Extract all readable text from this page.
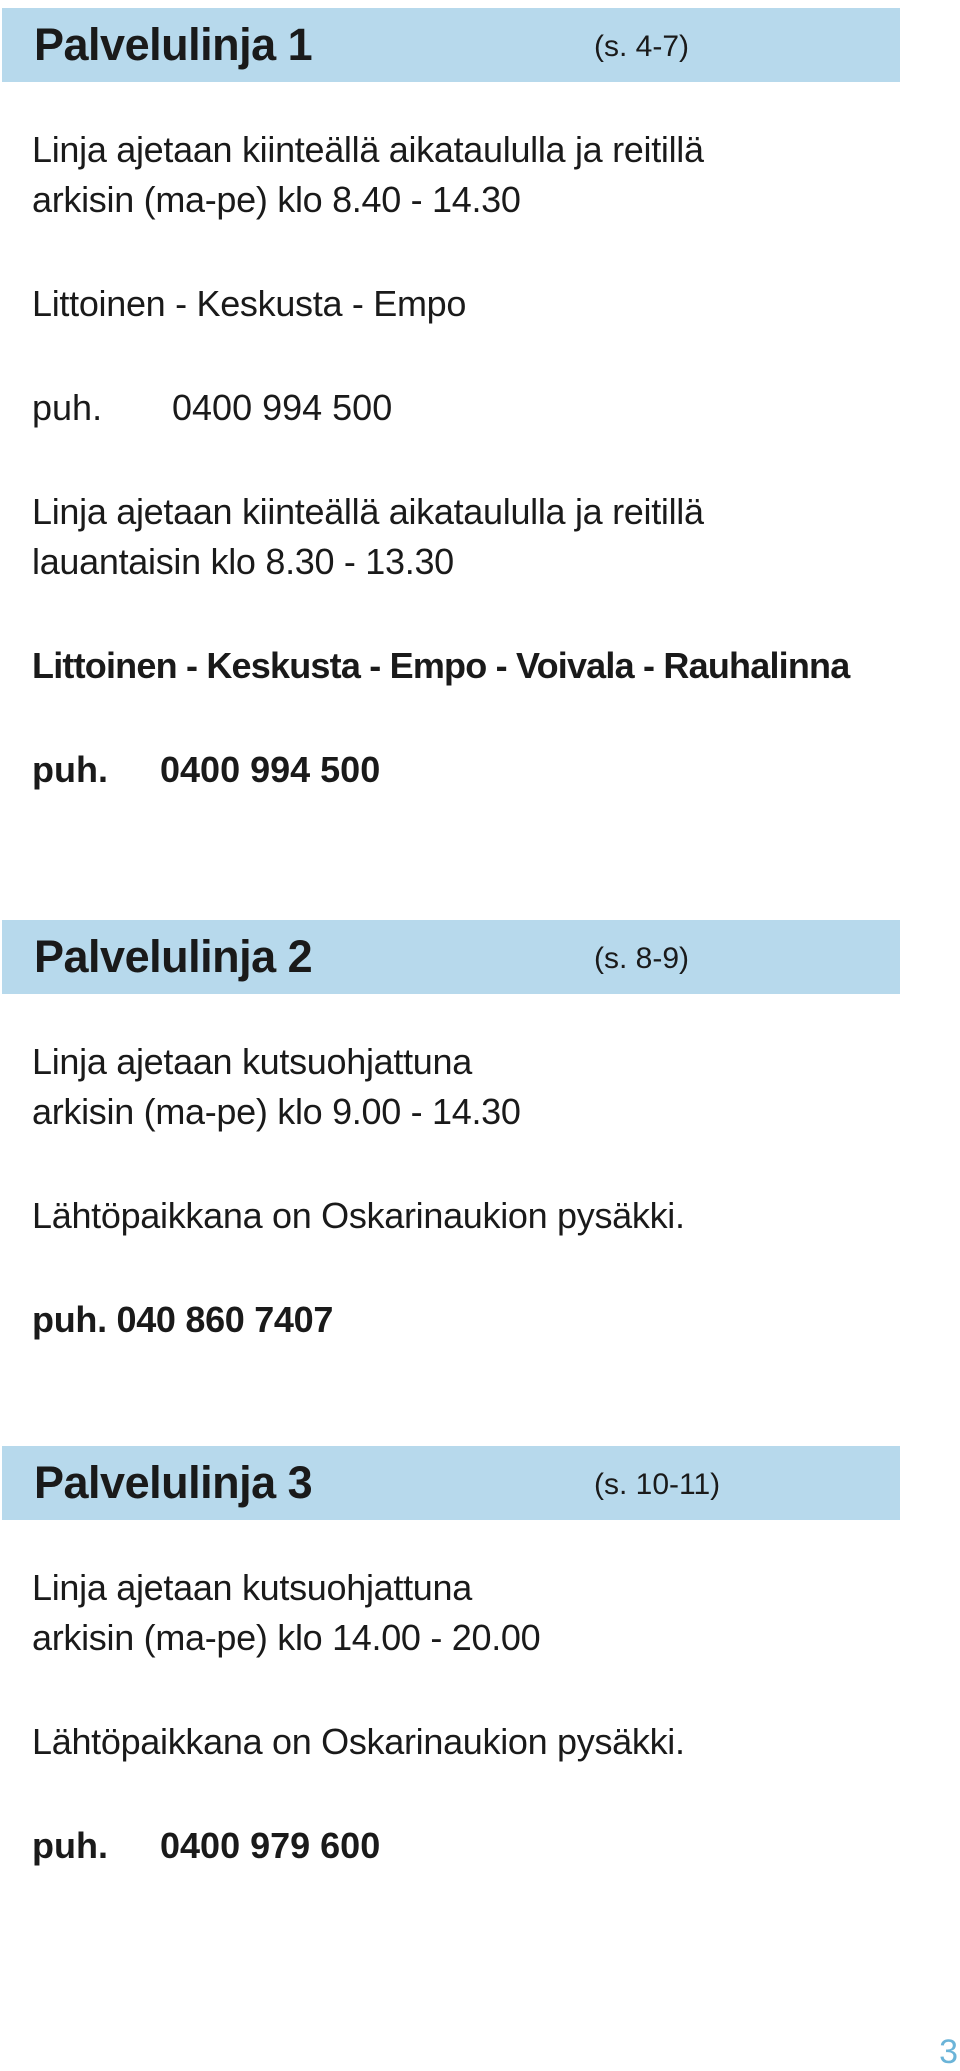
Palvelulinja 1	(s. 4-7)
Linja ajetaan kiinteällä aikataululla ja reitillä
arkisin (ma-pe) klo 8.40 - 14.30
Littoinen - Keskusta - Empo
puh. 0400 994 500
Linja ajetaan kiinteällä aikataululla ja reitillä
lauantaisin klo 8.30 - 13.30
Littoinen - Keskusta - Empo - Voivala - Rauhalinna
puh. 0400 994 500
Palvelulinja 2	(s. 8-9)
Linja ajetaan kutsuohjattuna
arkisin (ma-pe) klo 9.00 - 14.30
Lähtöpaikkana on Oskarinaukion pysäkki.
puh. 040 860 7407
Palvelulinja 3	(s. 10-11)
Linja ajetaan kutsuohjattuna
arkisin (ma-pe) klo 14.00 - 20.00
Lähtöpaikkana on Oskarinaukion pysäkki.
puh. 0400 979 600
3
